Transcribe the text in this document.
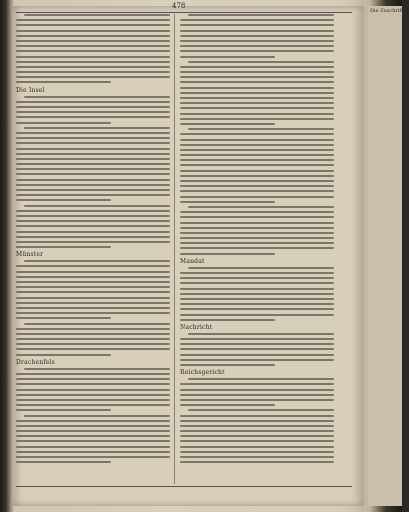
478
Die Insel
Münster
Drachenfels
Mandat
Nachricht
Reichsgericht
Die Zuschriften
